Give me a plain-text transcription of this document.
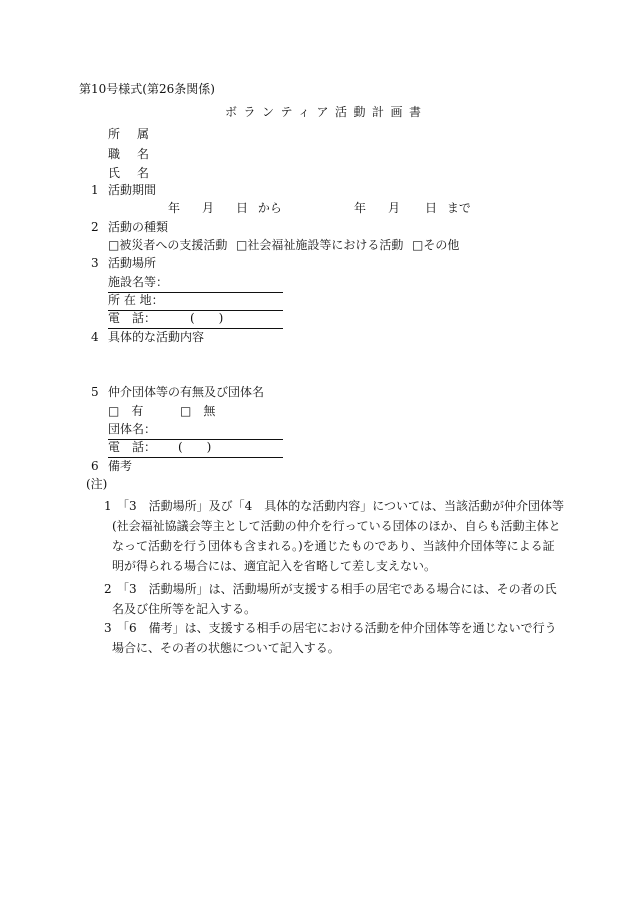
第10号様式(第26条関係)
ボランティア活動計画書
所属
職名
氏名
1 活動期間
年 月 日 から	年 月 日 まで
2 活動の種類
□被災者への支援活動 □社会福祉施設等における活動 □その他
3 活動場所
施設名等：
所 在 地：
電　話：	(　　)
4 具体的な活動内容
5 仲介団体等の有無及び団体名
□　有	□　無
団体名：
電　話： (　　)
6 備考
(注)
1 「3　活動場所」及び「4　具体的な活動内容」については、当該活動が仲介団体等
(社会福祉協議会等主として活動の仲介を行っている団体のほか、自らも活動主体と
なって活動を行う団体も含まれる。)を通じたものであり、当該仲介団体等による証
明が得られる場合には、適宜記入を省略して差し支えない。
2 「3　活動場所」は、活動場所が支援する相手の居宅である場合には、その者の氏
名及び住所等を記入する。
3 「6　備考」は、支援する相手の居宅における活動を仲介団体等を通じないで行う
場合に、その者の状態について記入する。
